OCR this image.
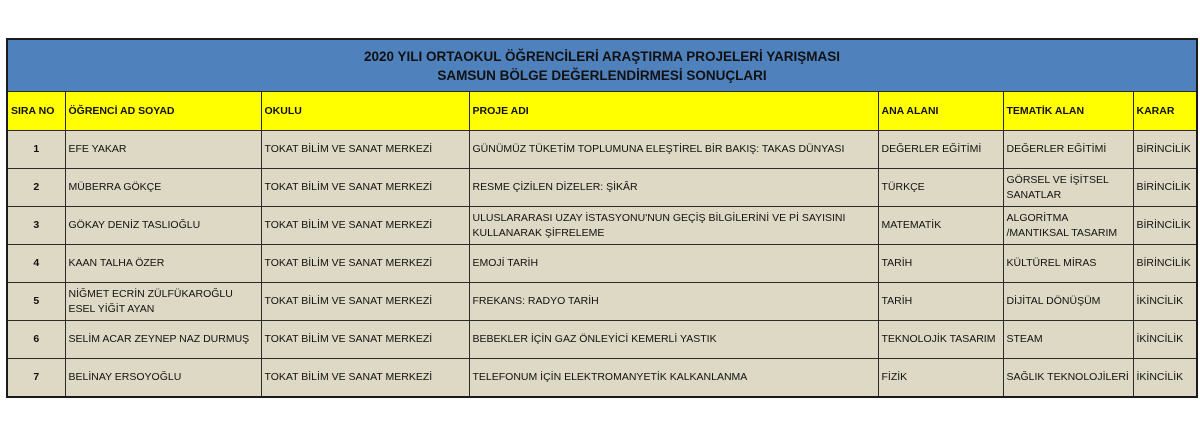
2020 YILI ORTAOKUL ÖĞRENCİLERİ ARAŞTIRMA PROJELERİ YARIŞMASI
SAMSUN BÖLGE DEĞERLENDİRMESİ SONUÇLARI						

SIRA NO	ÖĞRENCİ AD SOYAD	OKULU	PROJE ADI	ANA ALANI	TEMATİK ALAN	KARAR
1	EFE YAKAR	TOKAT BİLİM VE SANAT MERKEZİ	GÜNÜMÜZ TÜKETİM TOPLUMUNA ELEŞTİREL BİR BAKIŞ: TAKAS DÜNYASI	DEĞERLER EĞİTİMİ	DEĞERLER EĞİTİMİ	BİRİNCİLİK
2	MÜBERRA GÖKÇE	TOKAT BİLİM VE SANAT MERKEZİ	RESME ÇİZİLEN DİZELER: ŞİKÂR	TÜRKÇE	GÖRSEL VE İŞİTSEL SANATLAR	BİRİNCİLİK
3	GÖKAY DENİZ TASLIOĞLU	TOKAT BİLİM VE SANAT MERKEZİ	ULUSLARARASI UZAY İSTASYONU'NUN GEÇİŞ BİLGİLERİNİ VE Pİ SAYISINI KULLANARAK ŞİFRELEME	MATEMATİK	ALGORİTMA /MANTIKSAL TASARIM	BİRİNCİLİK
4	KAAN TALHA ÖZER	TOKAT BİLİM VE SANAT MERKEZİ	EMOJİ TARİH	TARİH	KÜLTÜREL MİRAS	BİRİNCİLİK
5	NİĞMET ECRİN ZÜLFÜKAROĞLU ESEL YİĞİT AYAN	TOKAT BİLİM VE SANAT MERKEZİ	FREKANS: RADYO TARİH	TARİH	DİJİTAL DÖNÜŞÜM	İKİNCİLİK
6	SELİM ACAR ZEYNEP NAZ DURMUŞ	TOKAT BİLİM VE SANAT MERKEZİ	BEBEKLER İÇİN GAZ ÖNLEYİCİ KEMERLİ YASTIK	TEKNOLOJİK TASARIM	STEAM	İKİNCİLİK
7	BELİNAY ERSOYOĞLU	TOKAT BİLİM VE SANAT MERKEZİ	TELEFONUM İÇİN ELEKTROMANYETİK KALKANLANMA	FİZİK	SAĞLIK TEKNOLOJİLERİ	İKİNCİLİK
